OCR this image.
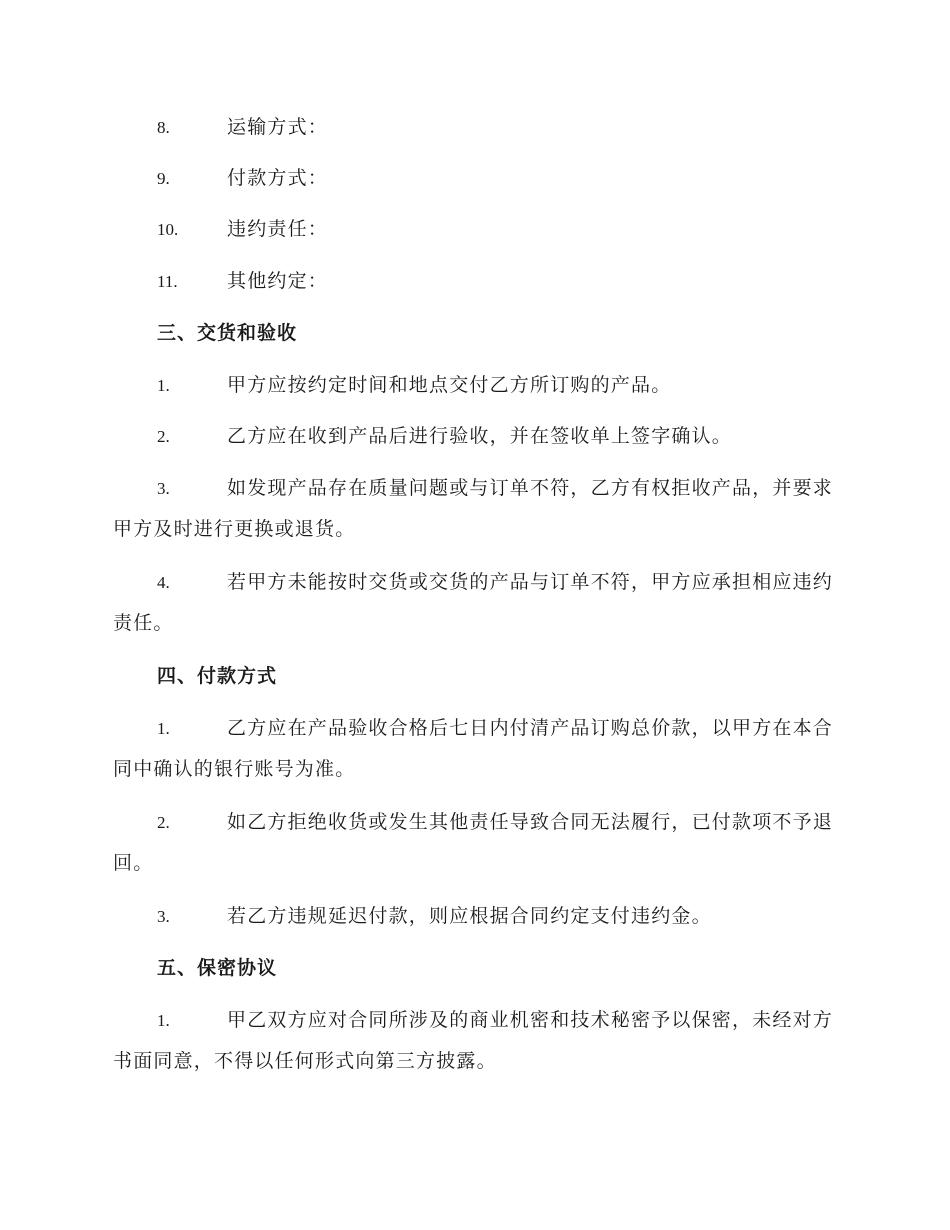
8.	运输方式：
9.	付款方式：
10.	违约责任：
11.	其他约定：
三、交货和验收
1.	甲方应按约定时间和地点交付乙方所订购的产品。
2.	乙方应在收到产品后进行验收，并在签收单上签字确认。
3.	如发现产品存在质量问题或与订单不符，乙方有权拒收产品，并要求甲方及时进行更换或退货。
4.	若甲方未能按时交货或交货的产品与订单不符，甲方应承担相应违约责任。
四、付款方式
1.	乙方应在产品验收合格后七日内付清产品订购总价款，以甲方在本合同中确认的银行账号为准。
2.	如乙方拒绝收货或发生其他责任导致合同无法履行，已付款项不予退回。
3.	若乙方违规延迟付款，则应根据合同约定支付违约金。
五、保密协议
1.	甲乙双方应对合同所涉及的商业机密和技术秘密予以保密，未经对方书面同意，不得以任何形式向第三方披露。
